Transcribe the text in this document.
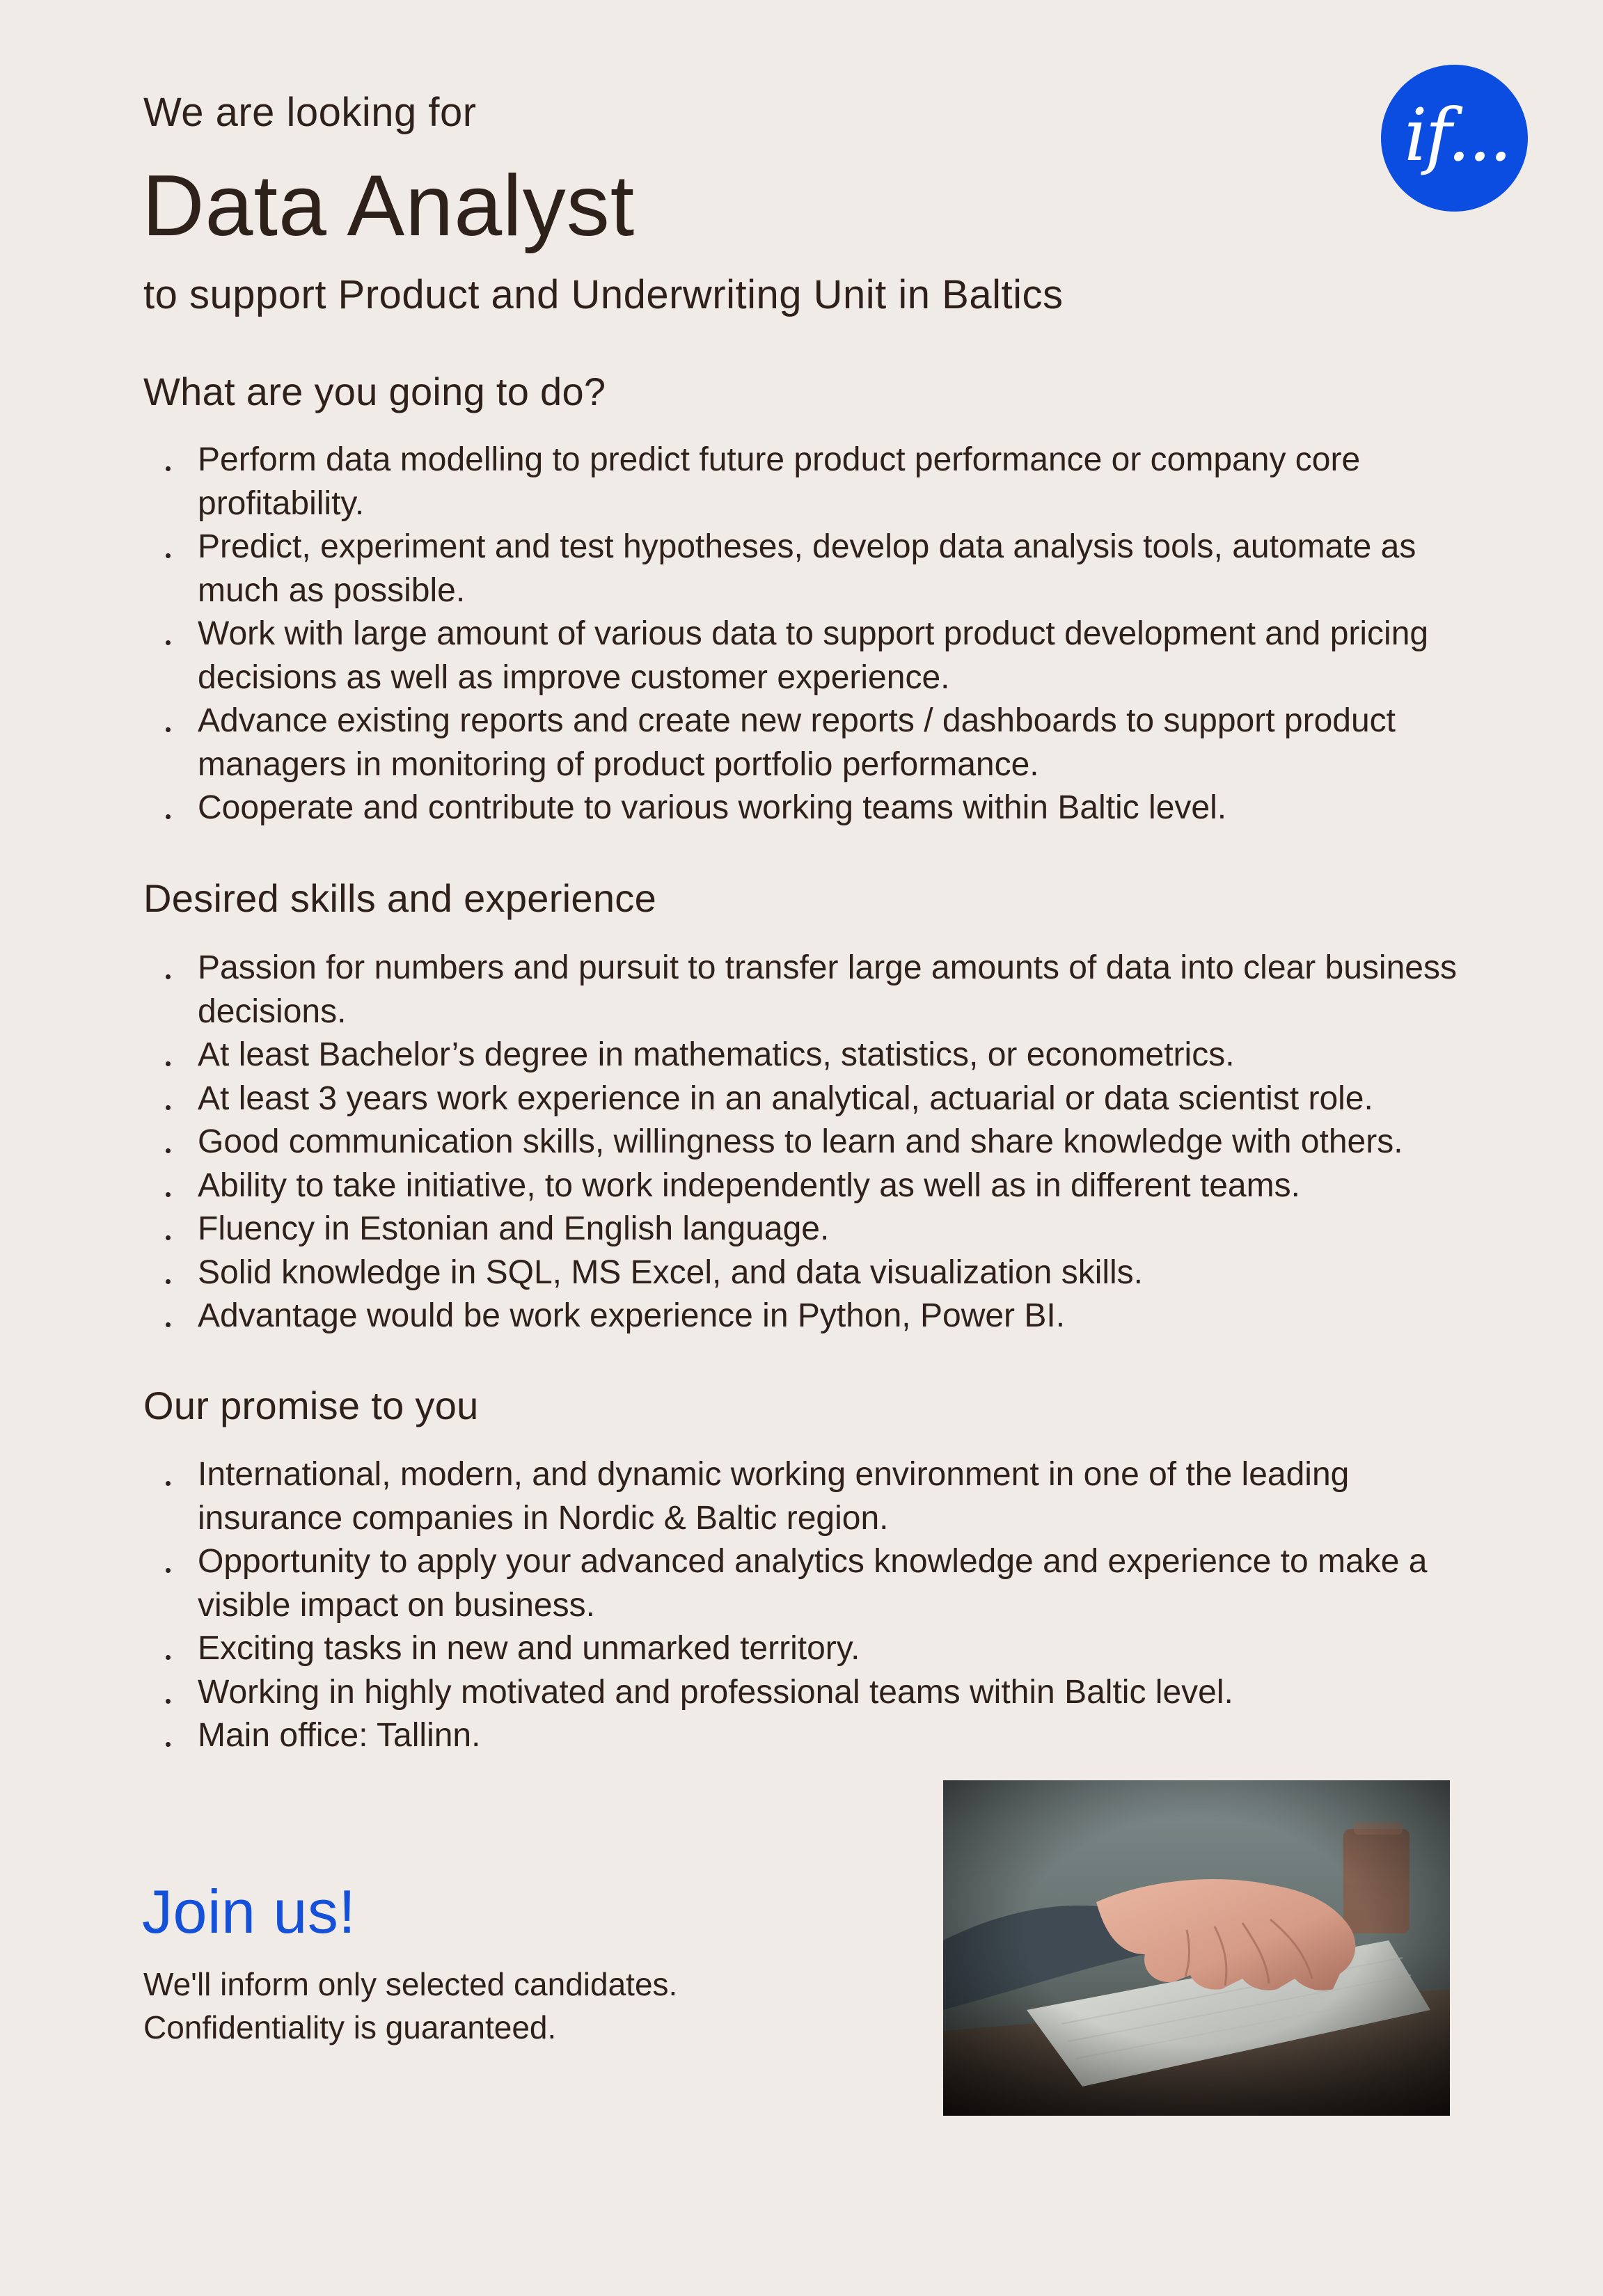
We are looking for
Data Analyst
to support Product and Underwriting Unit in Baltics
if...
What are you going to do?
Perform data modelling to predict future product performance or company core profitability.
Predict, experiment and test hypotheses, develop data analysis tools, automate as much as possible.
Work with large amount of various data to support product development and pricing decisions as well as improve customer experience.
Advance existing reports and create new reports / dashboards to support product managers in monitoring of product portfolio performance.
Cooperate and contribute to various working teams within Baltic level.
Desired skills and experience
Passion for numbers and pursuit to transfer large amounts of data into clear business decisions.
At least Bachelor’s degree in mathematics, statistics, or econometrics.
At least 3 years work experience in an analytical, actuarial or data scientist role.
Good communication skills, willingness to learn and share knowledge with others.
Ability to take initiative, to work independently as well as in different teams.
Fluency in Estonian and English language.
Solid knowledge in SQL, MS Excel, and data visualization skills.
Advantage would be work experience in Python, Power BI.
Our promise to you
International, modern, and dynamic working environment in one of the leading insurance companies in Nordic & Baltic region.
Opportunity to apply your advanced analytics knowledge and experience to make a visible impact on business.
Exciting tasks in new and unmarked territory.
Working in highly motivated and professional teams within Baltic level.
Main office: Tallinn.
Join us!
We'll inform only selected candidates.
Confidentiality is guaranteed.
